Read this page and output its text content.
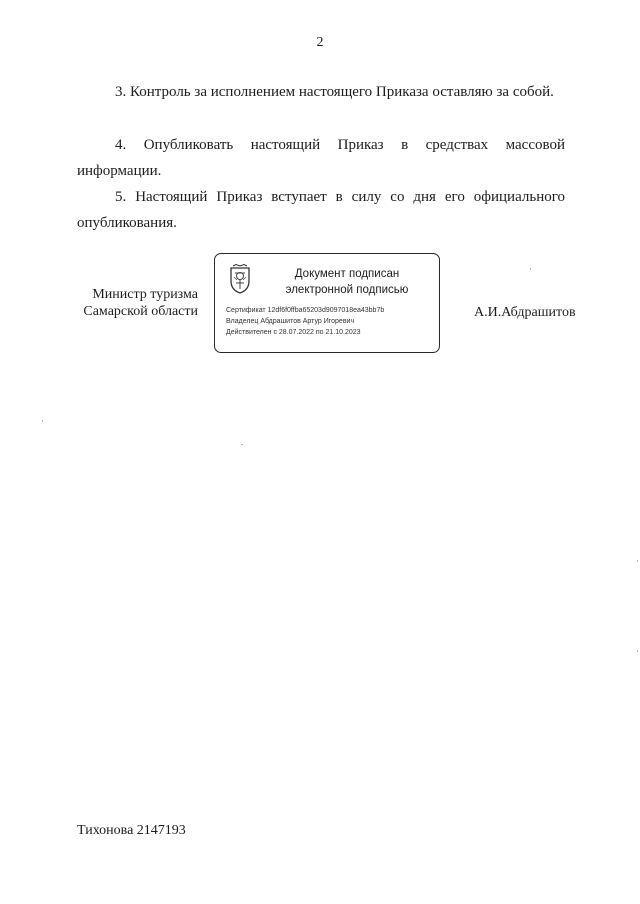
2
3. Контроль за исполнением настоящего Приказа оставляю за собой.
4. Опубликовать настоящий Приказ в средствах массовой информации.
5. Настоящий Приказ вступает в силу со дня его официального опубликования.
Министр туризма
Самарской области
Документ подписан
электронной подписью
Сертификат 12df6f0ffba65203d9097018ea43bb7b
Владелец Абдрашитов Артур Игоревич
Действителен с 28.07.2022 по 21.10.2023
А.И.Абдрашитов
Тихонова 2147193
